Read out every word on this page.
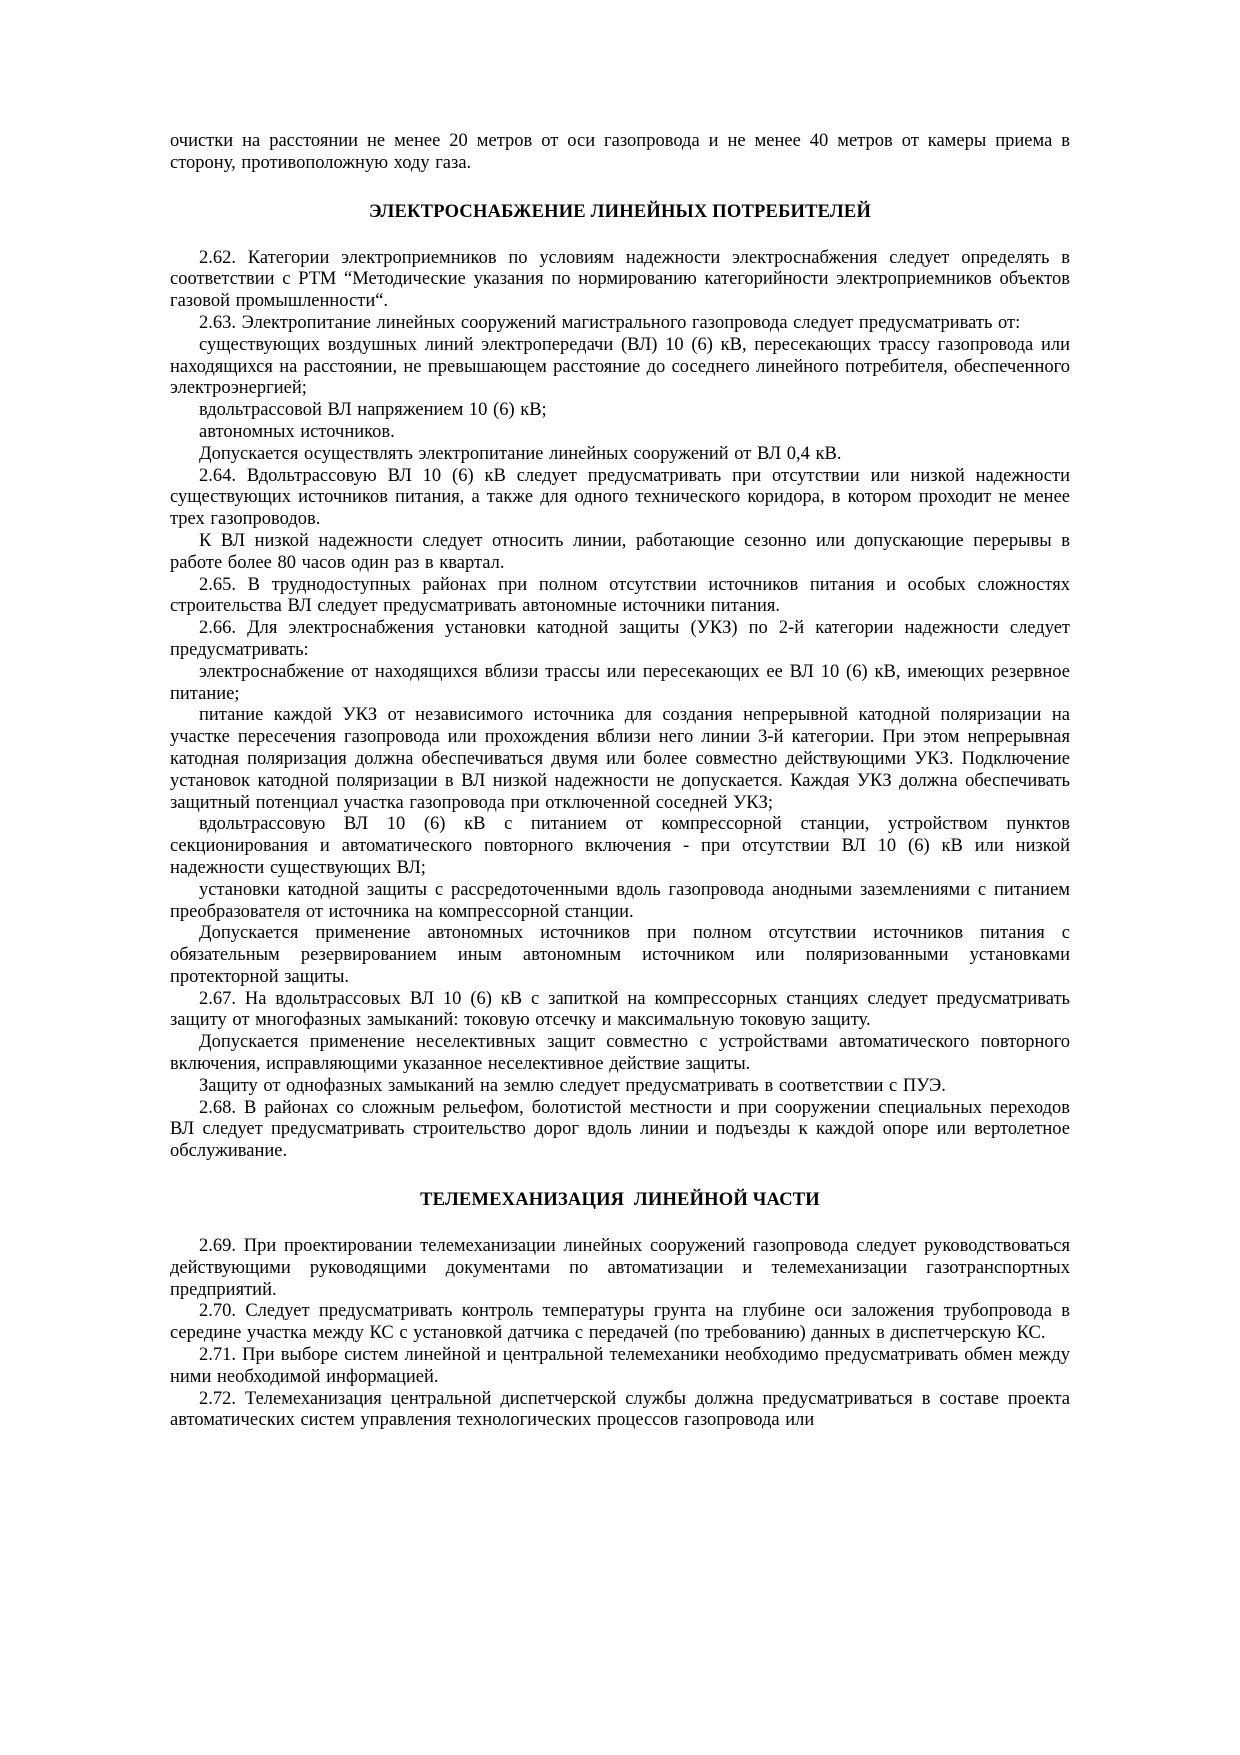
очистки на расстоянии не менее 20 метров от оси газопровода и не менее 40 метров от камеры приема в сторону, противоположную ходу газа.

ЭЛЕКТРОСНАБЖЕНИЕ ЛИНЕЙНЫХ ПОТРЕБИТЕЛЕЙ

2.62. Категории электроприемников по условиям надежности электроснабжения следует определять в соответствии с РТМ “Методические указания по нормированию категорийности электроприемников объектов газовой промышленности“.

2.63. Электропитание линейных сооружений магистрального газопровода следует предусматривать от:

существующих воздушных линий электропередачи (ВЛ) 10 (6) кВ, пересекающих трассу газопровода или находящихся на расстоянии, не превышающем расстояние до соседнего линейного потребителя, обеспеченного электроэнергией;

вдольтрассовой ВЛ напряжением 10 (6) кВ;

автономных источников.

Допускается осуществлять электропитание линейных сооружений от ВЛ 0,4 кВ.

2.64. Вдольтрассовую ВЛ 10 (6) кВ следует предусматривать при отсутствии или низкой надежности существующих источников питания, а также для одного технического коридора, в котором проходит не менее трех газопроводов.

К ВЛ низкой надежности следует относить линии, работающие сезонно или допускающие перерывы в работе более 80 часов один раз в квартал.

2.65. В труднодоступных районах при полном отсутствии источников питания и особых сложностях строительства ВЛ следует предусматривать автономные источники питания.

2.66. Для электроснабжения установки катодной защиты (УКЗ) по 2-й категории надежности следует предусматривать:

электроснабжение от находящихся вблизи трассы или пересекающих ее ВЛ 10 (6) кВ, имеющих резервное питание;

питание каждой УКЗ от независимого источника для создания непрерывной катодной поляризации на участке пересечения газопровода или прохождения вблизи него линии 3-й категории. При этом непрерывная катодная поляризация должна обеспечиваться двумя или более совместно действующими УКЗ. Подключение установок катодной поляризации в ВЛ низкой надежности не допускается. Каждая УКЗ должна обеспечивать защитный потенциал участка газопровода при отключенной соседней УКЗ;

вдольтрассовую ВЛ 10 (6) кВ с питанием от компрессорной станции, устройством пунктов секционирования и автоматического повторного включения - при отсутствии ВЛ 10 (6) кВ или низкой надежности существующих ВЛ;

установки катодной защиты с рассредоточенными вдоль газопровода анодными заземлениями с питанием преобразователя от источника на компрессорной станции.

Допускается применение автономных источников при полном отсутствии источников питания с обязательным резервированием иным автономным источником или поляризованными установками протекторной защиты.

2.67. На вдольтрассовых ВЛ 10 (6) кВ с запиткой на компрессорных станциях следует предусматривать защиту от многофазных замыканий: токовую отсечку и максимальную токовую защиту.

Допускается применение неселективных защит совместно с устройствами автоматического повторного включения, исправляющими указанное неселективное действие защиты.

Защиту от однофазных замыканий на землю следует предусматривать в соответствии с ПУЭ.

2.68. В районах со сложным рельефом, болотистой местности и при сооружении специальных переходов ВЛ следует предусматривать строительство дорог вдоль линии и подъезды к каждой опоре или вертолетное обслуживание.

ТЕЛЕМЕХАНИЗАЦИЯ  ЛИНЕЙНОЙ ЧАСТИ

2.69. При проектировании телемеханизации линейных сооружений газопровода следует руководствоваться действующими руководящими документами по автоматизации и телемеханизации газотранспортных предприятий.

2.70. Следует предусматривать контроль температуры грунта на глубине оси заложения трубопровода в середине участка между КС с установкой датчика с передачей (по требованию) данных в диспетчерскую КС.

2.71. При выборе систем линейной и центральной телемеханики необходимо предусматривать обмен между ними необходимой информацией.

2.72. Телемеханизация центральной диспетчерской службы должна предусматриваться в составе проекта автоматических систем управления технологических процессов газопровода или
